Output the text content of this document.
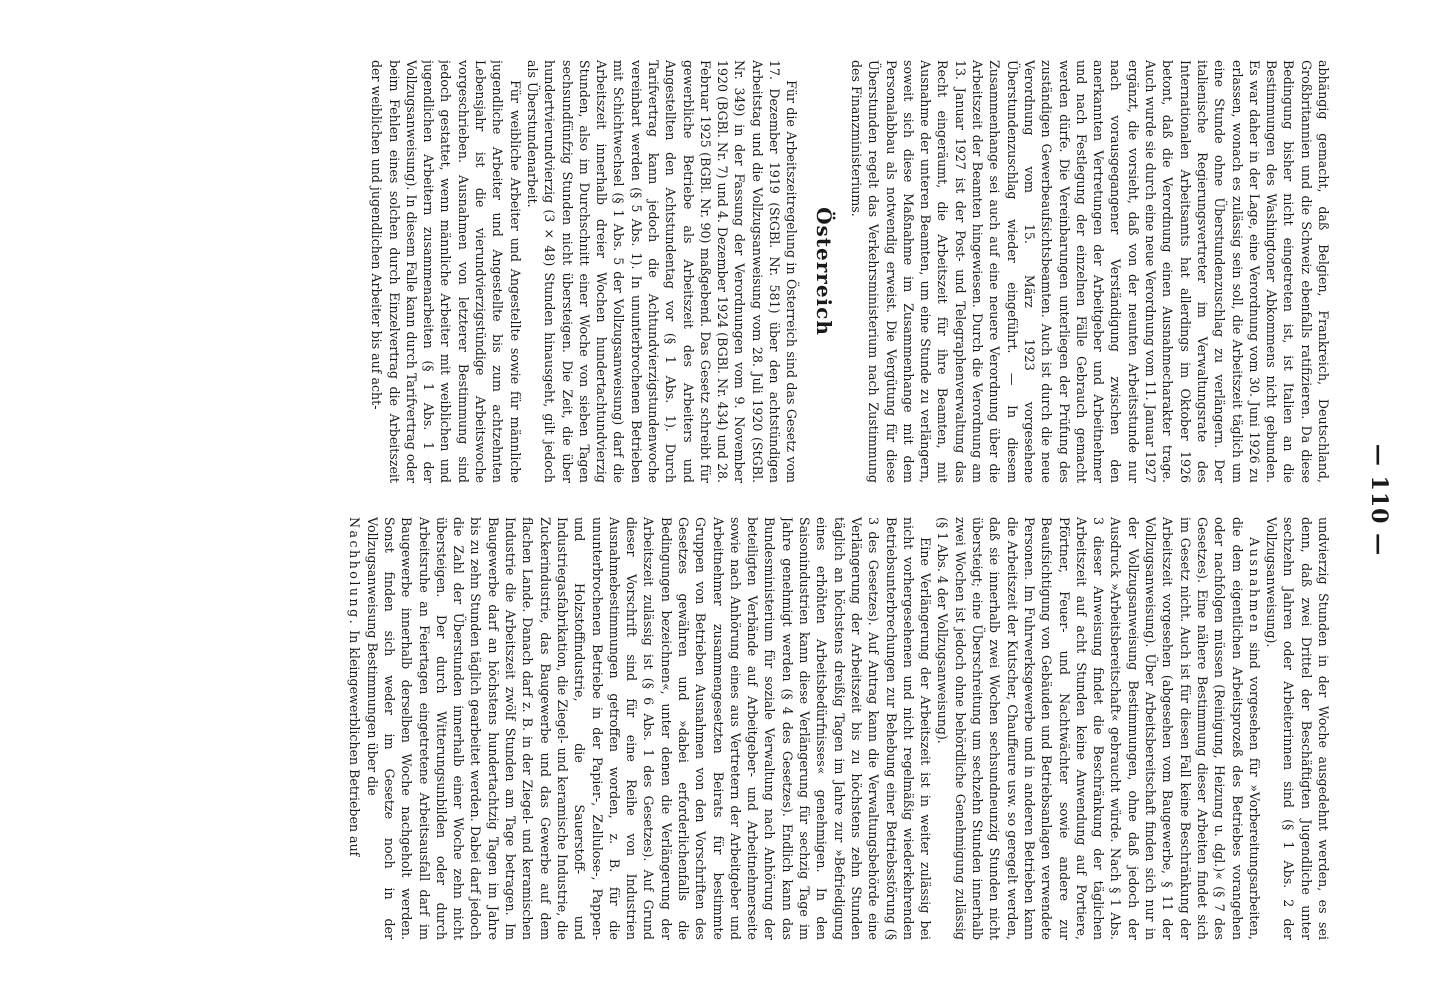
— 110 —

abhängig gemacht, daß Belgien, Frankreich, Deutschland, Großbritannien und die Schweiz ebenfalls ratifizieren. Da diese Bedingung bisher nicht eingetreten ist, ist Italien an die Bestimmungen des Washingtoner Abkommens nicht gebunden. Es war daher in der Lage, eine Verordnung vom 30. Juni 1926 zu erlassen, wonach es zulässig sein soll, die Arbeitszeit täglich um eine Stunde ohne Überstundenzuschlag zu verlängern. Der italienische Regierungsvertreter im Verwaltungsrate des Internationalen Arbeitsamts hat allerdings im Oktober 1926 betont, daß die Verordnung einen Ausnahmecharakter trage. Auch wurde sie durch eine neue Verordnung vom 11. Januar 1927 ergänzt, die vorsieht, daß von der neunten Arbeitsstunde nur nach vorausgegangener Verständigung zwischen den anerkannten Vertretungen der Arbeitgeber und Arbeitnehmer und nach Festlegung der einzelnen Fälle Gebrauch gemacht werden dürfe. Die Vereinbarungen unterliegen der Prüfung des zuständigen Gewerbeaufsichtsbeamten. Auch ist durch die neue Verordnung vom 15. März 1923 vorgesehene Überstundenzuschlag wieder eingeführt. — In diesem Zusammenhange sei auch auf eine neuere Verordnung über die Arbeitszeit der Beamten hingewiesen. Durch die Verordnung am 13. Januar 1927 ist der Post- und Telegraphenverwaltung das Recht eingeräumt, die Arbeitszeit für ihre Beamten, mit Ausnahme der unteren Beamten, um eine Stunde zu verlängern, soweit sich diese Maßnahme im Zusammenhange mit dem Personalabbau als notwendig erweist. Die Vergütung für diese Überstunden regelt das Verkehrsministerium nach Zustimmung des Finanzministeriums.

Österreich

Für die Arbeitszeitregelung in Österreich sind das Gesetz vom 17. Dezember 1919 (StGBl. Nr. 581) über den achtstündigen Arbeitstag und die Vollzugsanweisung vom 28. Juli 1920 (StGBl. Nr. 349) in der Fassung der Verordnungen vom 9. November 1920 (BGBl. Nr. 7) und 4. Dezember 1924 (BGBl. Nr. 434) und 28. Februar 1925 (BGBl. Nr. 90) maßgebend. Das Gesetz schreibt für gewerbliche Betriebe als Arbeitszeit des Arbeiters und Angestellten den Achtstundentag vor (§ 1 Abs. 1). Durch Tarifvertrag kann jedoch die Achtundvierzigstundenwoche vereinbart werden (§ 5 Abs. 1). In ununterbrochenen Betrieben mit Schichtwechsel (§ 1 Abs. 5 der Vollzugsanweisung) darf die Arbeitszeit innerhalb dreier Wochen hundertachtundvierzig Stunden, also im Durchschnitt einer Woche von sieben Tagen sechsundfünfzig Stunden nicht übersteigen. Die Zeit, die über hundertvierundvierzig (3 × 48) Stunden hinausgeht, gilt jedoch als Überstundenarbeit.

Für weibliche Arbeiter und Angestellte sowie für männliche jugendliche Arbeiter und Angestellte bis zum achtzehnten Lebensjahr ist die vierundvierzigstündige Arbeitswoche vorgeschrieben. Ausnahmen von letzterer Bestimmung sind jedoch gestattet, wenn männliche Arbeiter mit weiblichen und jugendlichen Arbeitern zusammenarbeiten (§ 1 Abs. 1 der Vollzugsanweisung). In diesem Falle kann durch Tarifvertrag oder beim Fehlen eines solchen durch Einzelvertrag die Arbeitszeit der weiblichen und jugendlichen Arbeiter bis auf acht-

undvierzig Stunden in der Woche ausgedehnt werden, es sei denn, daß zwei Drittel der Beschäftigten Jugendliche unter sechzehn Jahren oder Arbeiterinnen sind (§ 1 Abs. 2 der Vollzugsanweisung).

Ausnahmen sind vorgesehen für »Vorbereitungsarbeiten, die dem eigentlichen Arbeitsprozeß des Betriebes vorangehen oder nachfolgen müssen (Reinigung, Heizung u. dgl.)« (§ 7 des Gesetzes). Eine nähere Bestimmung dieser Arbeiten findet sich im Gesetz nicht. Auch ist für diesen Fall keine Beschränkung der Arbeitszeit vorgesehen (abgesehen vom Baugewerbe, § 11 der Vollzugsanweisung). Über Arbeitsbereitschaft finden sich nur in der Vollzugsanweisung Bestimmungen, ohne daß jedoch der Ausdruck »Arbeitsbereitschaft« gebraucht würde. Nach § 1 Abs. 3 dieser Anweisung findet die Beschränkung der täglichen Arbeitszeit auf acht Stunden keine Anwendung auf Portiere, Pförtner, Feuer- und Nachtwächter sowie andere zur Beaufsichtigung von Gebäuden und Betriebsanlagen verwendete Personen. Im Fuhrwerksgewerbe und in anderen Betrieben kann die Arbeitszeit der Kutscher, Chauffeure usw. so geregelt werden, daß sie innerhalb zwei Wochen sechsundneunzig Stunden nicht übersteigt; eine Überschreitung um sechzehn Stunden innerhalb zwei Wochen ist jedoch ohne behördliche Genehmigung zulässig (§ 1 Abs. 4 der Vollzugsanweisung).

Eine Verlängerung der Arbeitszeit ist in weiter zulässig bei nicht vorhergesehenen und nicht regelmäßig wiederkehrenden Betriebsunterbrechungen zur Behebung einer Betriebsstörung (§ 3 des Gesetzes). Auf Antrag kann die Verwaltungsbehörde eine Verlängerung der Arbeitszeit bis zu höchstens zehn Stunden täglich an höchstens dreißig Tagen im Jahre zur »Befriedigung eines erhöhten Arbeitsbedürfnisses« genehmigen. In den Saisonindustrien kann diese Verlängerung für sechzig Tage im Jahre genehmigt werden (§ 4 des Gesetzes). Endlich kann das Bundesministerium für soziale Verwaltung nach Anhörung der beteiligten Verbände auf Arbeitgeber- und Arbeitnehmerseite sowie nach Anhörung eines aus Vertretern der Arbeitgeber und Arbeitnehmer zusammengesetzten Beirats für bestimmte Gruppen von Betrieben Ausnahmen von den Vorschriften des Gesetzes gewähren und »dabei erforderlichenfalls die Bedingungen bezeichnen«, unter denen die Verlängerung der Arbeitszeit zulässig ist (§ 6 Abs. 1 des Gesetzes). Auf Grund dieser Vorschrift sind für eine Reihe von Industrien Ausnahmebestimmungen getroffen worden, z. B. für die ununterbrochenen Betriebe in der Papier-, Zellulose-, Pappen- und Holzstoffindustrie, die Sauerstoff- und Industriegasfabrikation, die Ziegel- und keramische Industrie, die Zuckerindustrie, das Baugewerbe und das Gewerbe auf dem flachen Lande. Danach darf z. B. in der Ziegel- und keramischen Industrie die Arbeitszeit zwölf Stunden am Tage betragen. Im Baugewerbe darf an höchstens hundertachtzig Tagen im Jahre bis zu zehn Stunden täglich gearbeitet werden. Dabei darf jedoch die Zahl der Überstunden innerhalb einer Woche zehn nicht übersteigen. Der durch Witterungsunbilden oder durch Arbeitsruhe an Feiertagen eingetretene Arbeitsausfall darf im Baugewerbe innerhalb derselben Woche nachgeholt werden. Sonst finden sich weder im Gesetze noch in der Vollzugsanweisung Bestimmungen über die

Nachholung. In kleingewerblichen Betrieben auf
